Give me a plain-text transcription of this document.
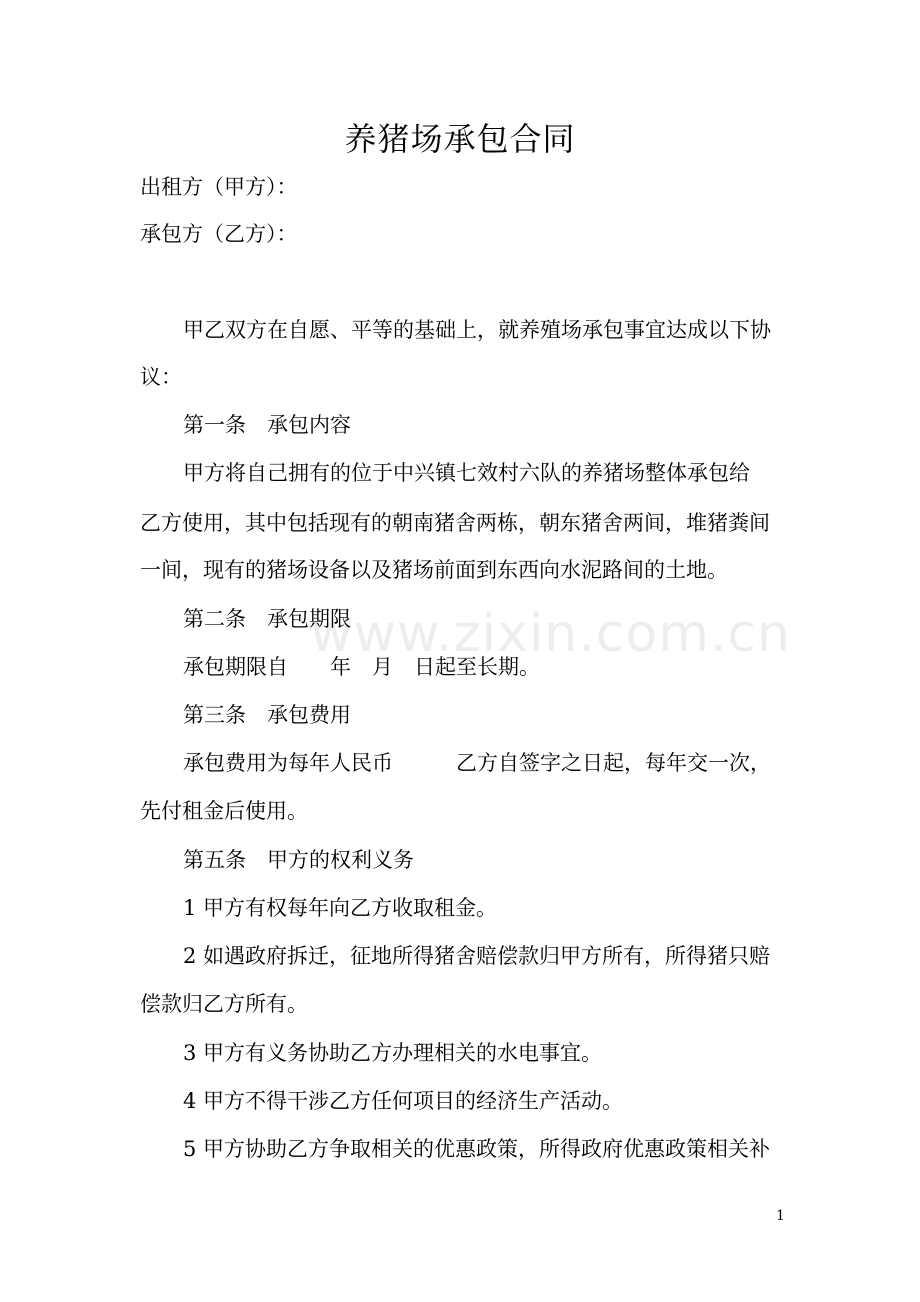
养猪场承包合同
出租方（甲方）：
承包方（乙方）：
甲乙双方在自愿、平等的基础上，就养殖场承包事宜达成以下协
议：
第一条　承包内容
甲方将自己拥有的位于中兴镇七效村六队的养猪场整体承包给
乙方使用，其中包括现有的朝南猪舍两栋，朝东猪舍两间，堆猪粪间
一间，现有的猪场设备以及猪场前面到东西向水泥路间的土地。
第二条　承包期限
承包期限自　　年　月　日起至长期。
第三条　承包费用
承包费用为每年人民币　　　乙方自签字之日起，每年交一次，
先付租金后使用。
第五条　甲方的权利义务
1 甲方有权每年向乙方收取租金。
2 如遇政府拆迁，征地所得猪舍赔偿款归甲方所有，所得猪只赔
偿款归乙方所有。
3 甲方有义务协助乙方办理相关的水电事宜。
4 甲方不得干涉乙方任何项目的经济生产活动。
5 甲方协助乙方争取相关的优惠政策，所得政府优惠政策相关补
www.zixin.com.cn
1
